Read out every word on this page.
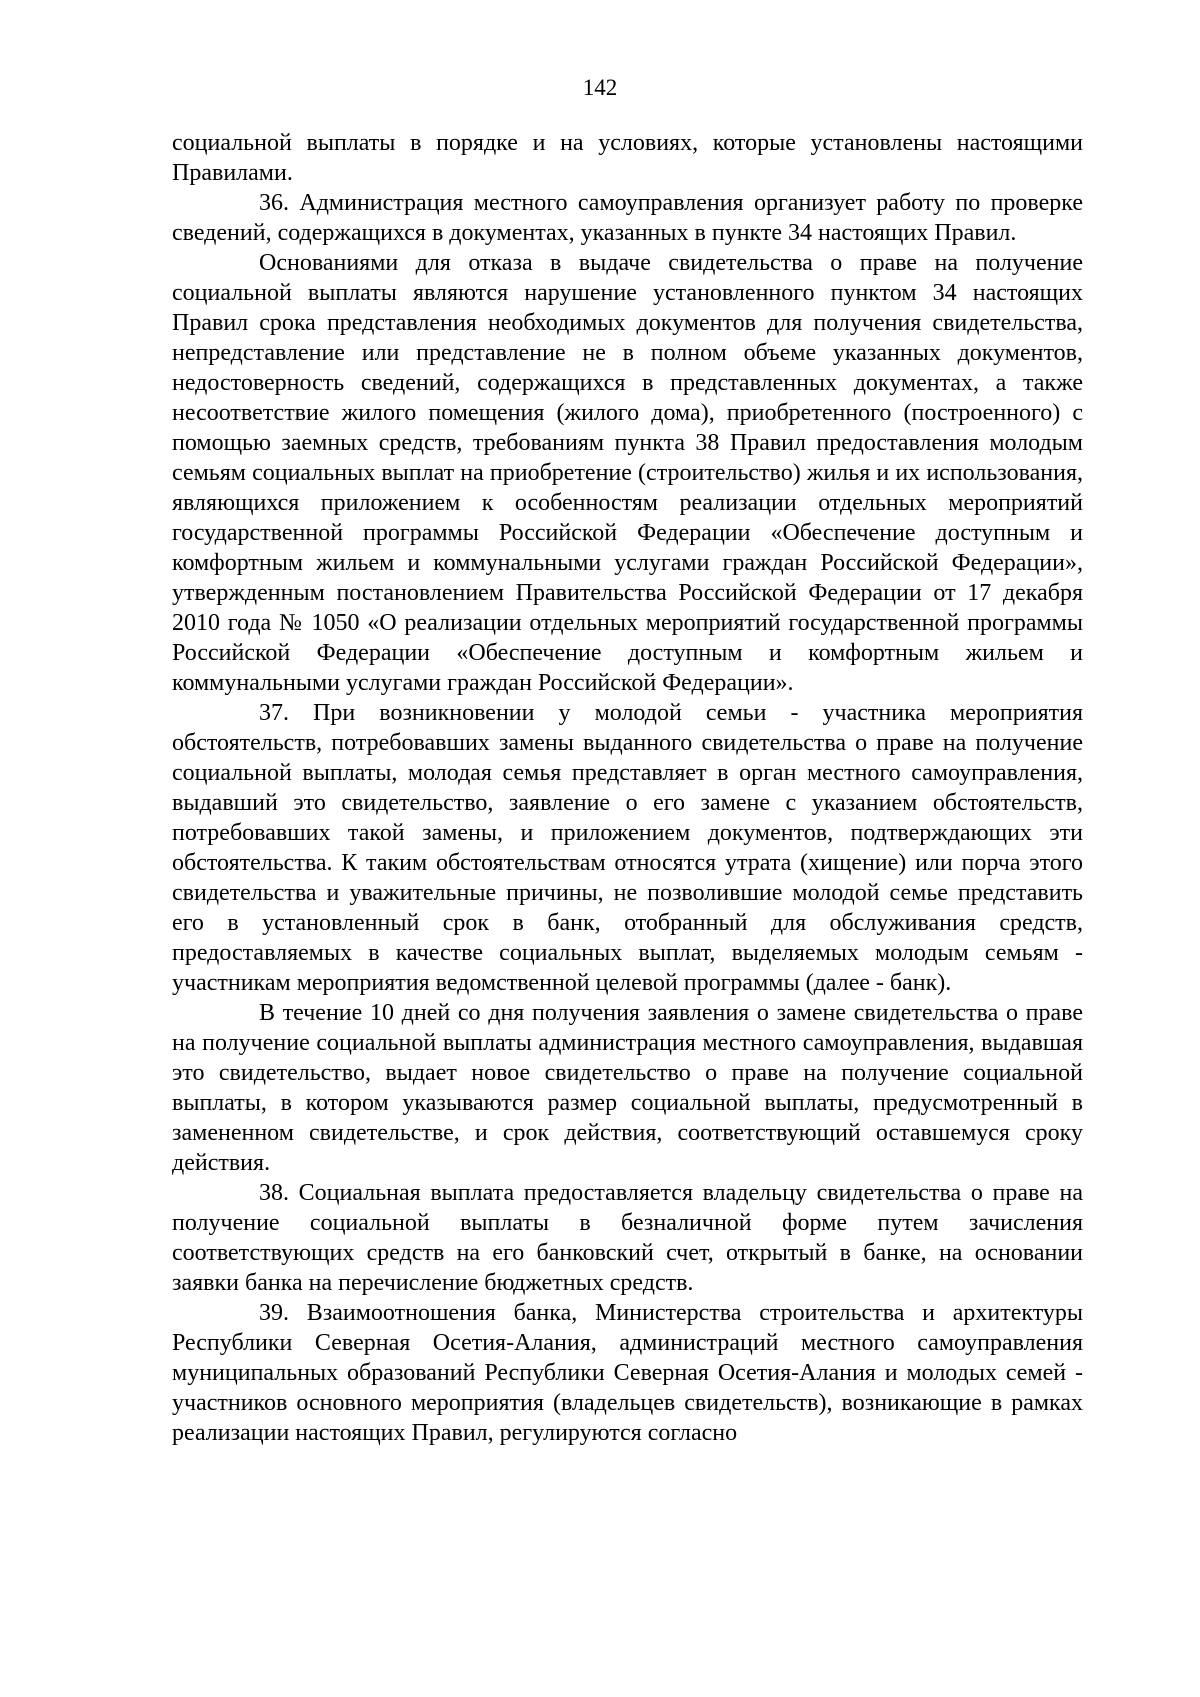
142

социальной выплаты в порядке и на условиях, которые установлены настоящими Правилами.

36. Администрация местного самоуправления организует работу по проверке сведений, содержащихся в документах, указанных в пункте 34 настоящих Правил.

Основаниями для отказа в выдаче свидетельства о праве на получение социальной выплаты являются нарушение установленного пунктом 34 настоящих Правил срока представления необходимых документов для получения свидетельства, непредставление или представление не в полном объеме указанных документов, недостоверность сведений, содержащихся в представленных документах, а также несоответствие жилого помещения (жилого дома), приобретенного (построенного) с помощью заемных средств, требованиям пункта 38 Правил предоставления молодым семьям социальных выплат на приобретение (строительство) жилья и их использования, являющихся приложением к особенностям реализации отдельных мероприятий государственной программы Российской Федерации «Обеспечение доступным и комфортным жильем и коммунальными услугами граждан Российской Федерации», утвержденным постановлением Правительства Российской Федерации от 17 декабря 2010 года № 1050 «О реализации отдельных мероприятий государственной программы Российской Федерации «Обеспечение доступным и комфортным жильем и коммунальными услугами граждан Российской Федерации».

37. При возникновении у молодой семьи - участника мероприятия обстоятельств, потребовавших замены выданного свидетельства о праве на получение социальной выплаты, молодая семья представляет в орган местного самоуправления, выдавший это свидетельство, заявление о его замене с указанием обстоятельств, потребовавших такой замены, и приложением документов, подтверждающих эти обстоятельства. К таким обстоятельствам относятся утрата (хищение) или порча этого свидетельства и уважительные причины, не позволившие молодой семье представить его в установленный срок в банк, отобранный для обслуживания средств, предоставляемых в качестве социальных выплат, выделяемых молодым семьям - участникам мероприятия ведомственной целевой программы (далее - банк).

В течение 10 дней со дня получения заявления о замене свидетельства о праве на получение социальной выплаты администрация местного самоуправления, выдавшая это свидетельство, выдает новое свидетельство о праве на получение социальной выплаты, в котором указываются размер социальной выплаты, предусмотренный в замененном свидетельстве, и срок действия, соответствующий оставшемуся сроку действия.

38. Социальная выплата предоставляется владельцу свидетельства о праве на получение социальной выплаты в безналичной форме путем зачисления соответствующих средств на его банковский счет, открытый в банке, на основании заявки банка на перечисление бюджетных средств.

39. Взаимоотношения банка, Министерства строительства и архитектуры Республики Северная Осетия-Алания, администраций местного самоуправления муниципальных образований Республики Северная Осетия-Алания и молодых семей - участников основного мероприятия (владельцев свидетельств), возникающие в рамках реализации настоящих Правил, регулируются согласно
